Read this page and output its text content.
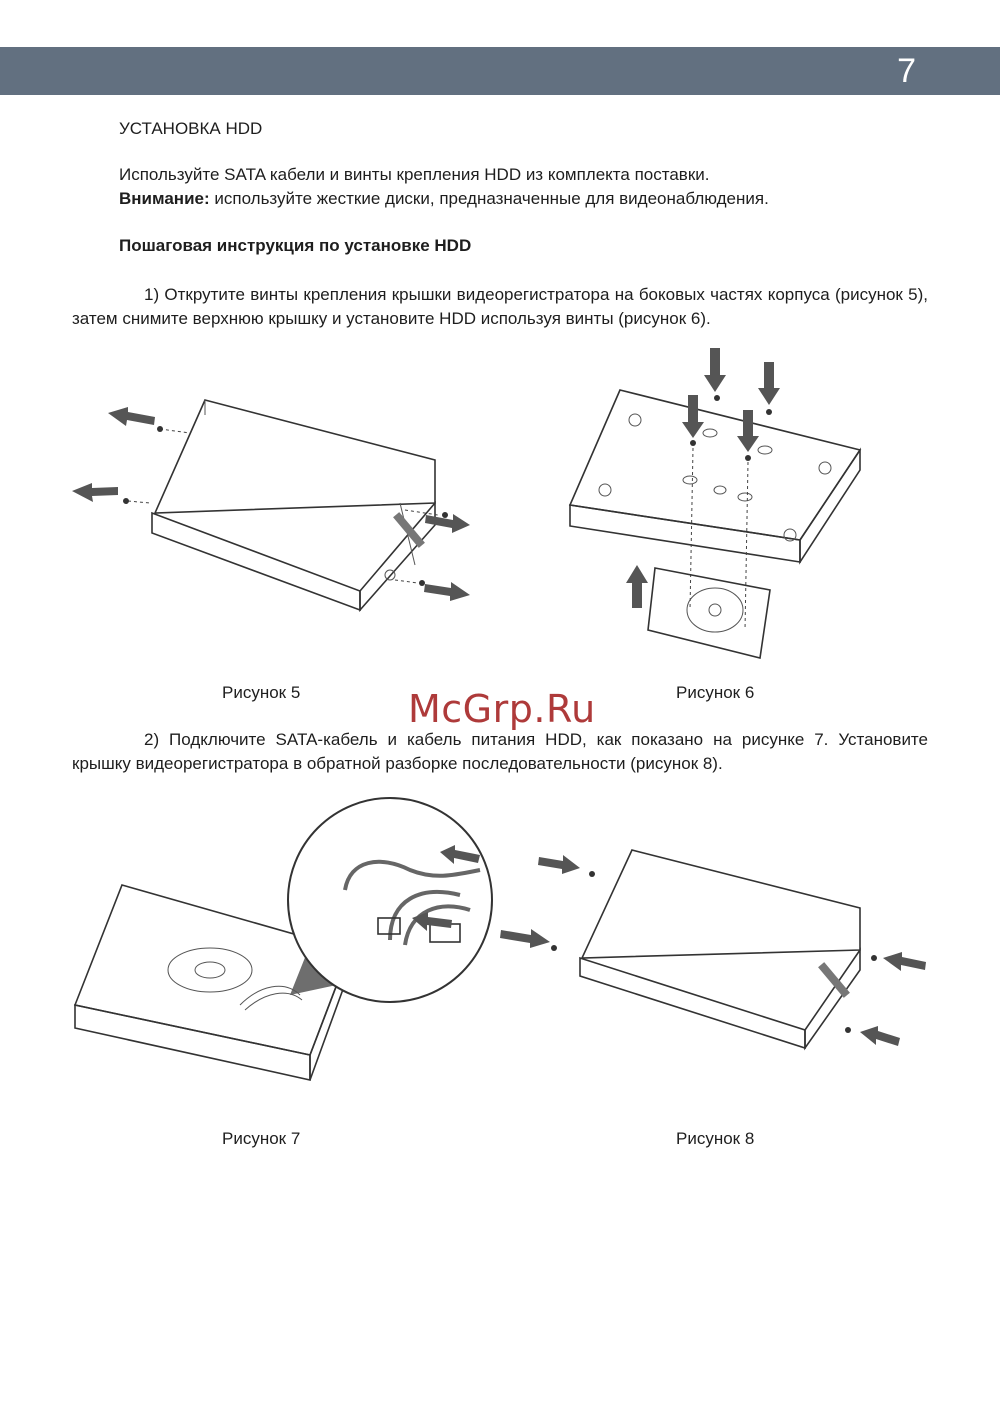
7
УСТАНОВКА HDD
Используйте SATA кабели и винты крепления HDD из комплекта поставки.
Внимание: используйте жесткие диски, предназначенные для видеонаблюдения.
Пошаговая инструкция по установке HDD
1) Открутите винты крепления крышки видеорегистратора на боковых частях корпуса (рисунок 5), затем снимите верхнюю крышку и установите HDD используя винты (рисунок 6).
Рисунок 5	Рисунок 6
McGrp.Ru
2) Подключите SATA-кабель и кабель питания HDD, как показано на рисунке 7. Установите крышку видеорегистратора в обратной разборке последовательности (рисунок 8).
Рисунок 7	Рисунок 8
